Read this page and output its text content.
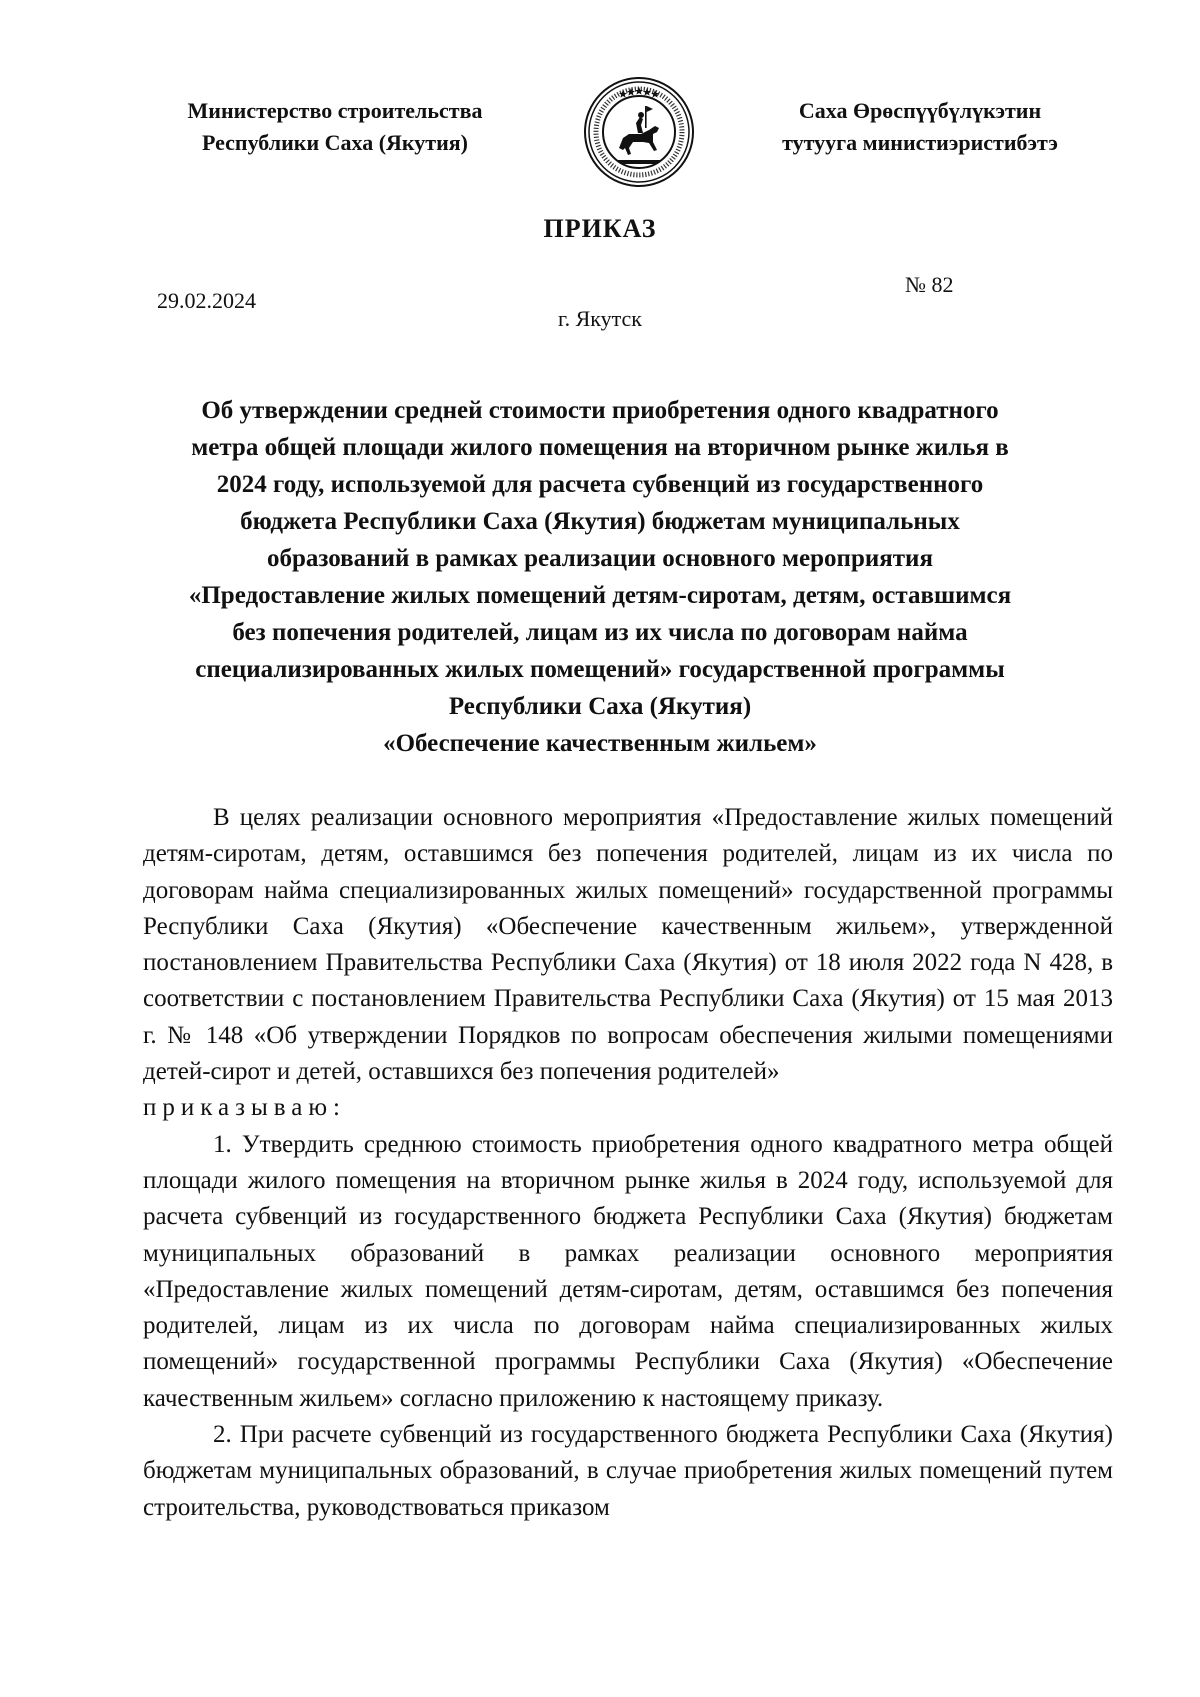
Министерство строительства
Республики Саха (Якутия)
Саха Өрөспүүбүлүкэтин
тутууга министиэристибэтэ
ПРИКАЗ
29.02.2024
№ 82
г. Якутск
Об утверждении средней стоимости приобретения одного квадратного
метра общей площади жилого помещения на вторичном рынке жилья в
2024 году, используемой для расчета субвенций из государственного
бюджета Республики Саха (Якутия) бюджетам муниципальных
образований в рамках реализации основного мероприятия
«Предоставление жилых помещений детям-сиротам, детям, оставшимся
без попечения родителей, лицам из их числа по договорам найма
специализированных жилых помещений» государственной программы
Республики Саха (Якутия)
«Обеспечение качественным жильем»

В целях реализации основного мероприятия «Предоставление жилых помещений детям-сиротам, детям, оставшимся без попечения родителей, лицам из их числа по договорам найма специализированных жилых помещений» государственной программы Республики Саха (Якутия) «Обеспечение качественным жильем», утвержденной постановлением Правительства Республики Саха (Якутия) от 18 июля 2022 года N 428, в соответствии с постановлением Правительства Республики Саха (Якутия) от 15 мая 2013 г. № 148 «Об утверждении Порядков по вопросам обеспечения жилыми помещениями детей-сирот и детей, оставшихся без попечения родителей»

приказываю:

1. Утвердить среднюю стоимость приобретения одного квадратного метра общей площади жилого помещения на вторичном рынке жилья в 2024 году, используемой для расчета субвенций из государственного бюджета Республики Саха (Якутия) бюджетам муниципальных образований в рамках реализации основного мероприятия «Предоставление жилых помещений детям-сиротам, детям, оставшимся без попечения родителей, лицам из их числа по договорам найма специализированных жилых помещений» государственной программы Республики Саха (Якутия) «Обеспечение качественным жильем» согласно приложению к настоящему приказу.

2. При расчете субвенций из государственного бюджета Республики Саха (Якутия) бюджетам муниципальных образований, в случае приобретения жилых помещений путем строительства, руководствоваться приказом
